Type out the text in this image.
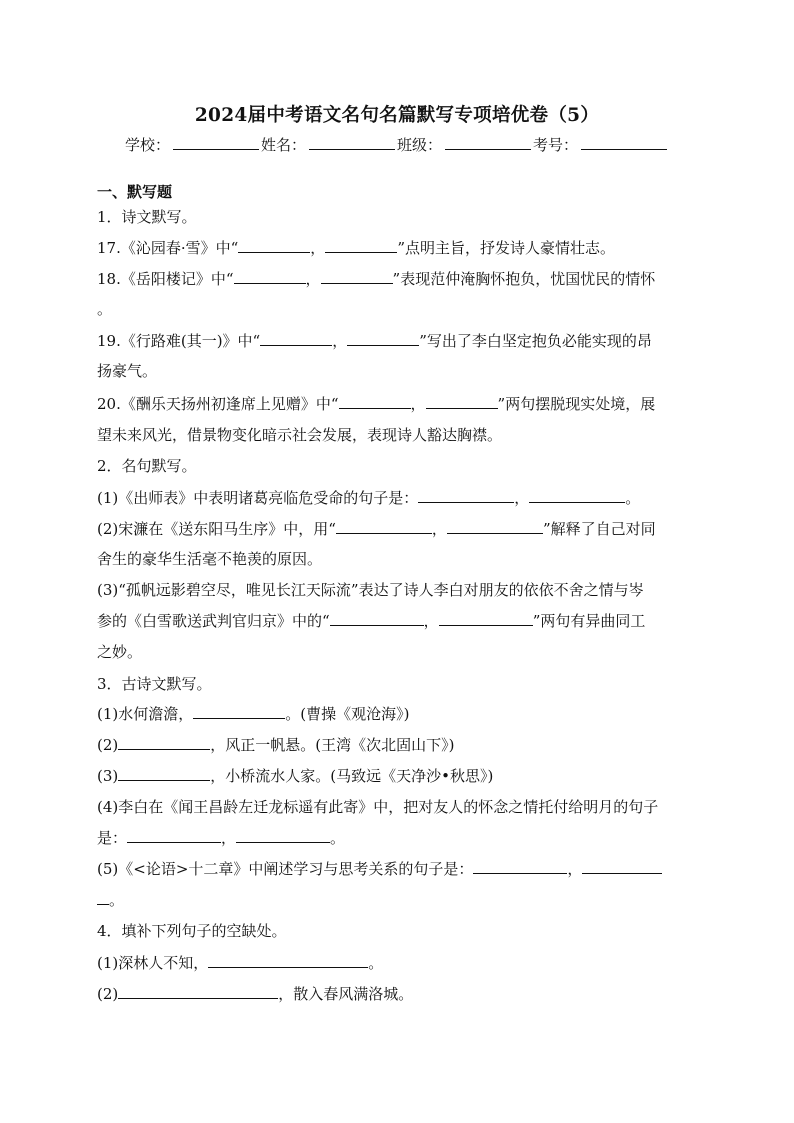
2024届中考语文名句名篇默写专项培优卷（5）
学校：	姓名：	班级：	考号：
一、默写题
1．诗文默写。
17.《沁园春·雪》中“	，	”点明主旨，抒发诗人豪情壮志。
18.《岳阳楼记》中“	，	”表现范仲淹胸怀抱负，忧国忧民的情怀
。
19.《行路难(其一)》中“	，	”写出了李白坚定抱负必能实现的昂
扬豪气。
20.《酬乐天扬州初逢席上见赠》中“	，	”两句摆脱现实处境，展
望未来风光，借景物变化暗示社会发展，表现诗人豁达胸襟。
2．名句默写。
(1)《出师表》中表明诸葛亮临危受命的句子是：	，	。
(2)宋濂在《送东阳马生序》中，用“	，	”解释了自己对同
舍生的豪华生活毫不艳羡的原因。
(3)“孤帆远影碧空尽，唯见长江天际流”表达了诗人李白对朋友的依依不舍之情与岑
参的《白雪歌送武判官归京》中的“	，	”两句有异曲同工
之妙。
3．古诗文默写。
(1)水何澹澹，	。(曹操《观沧海》)
(2)	，风正一帆悬。(王湾《次北固山下》)
(3)	，小桥流水人家。(马致远《天净沙•秋思》)
(4)李白在《闻王昌龄左迁龙标遥有此寄》中，把对友人的怀念之情托付给明月的句子
是：	，	。
(5)《<论语>十二章》中阐述学习与思考关系的句子是：	，
。
4．填补下列句子的空缺处。
(1)深林人不知，	。
(2)	，散入春风满洛城。
